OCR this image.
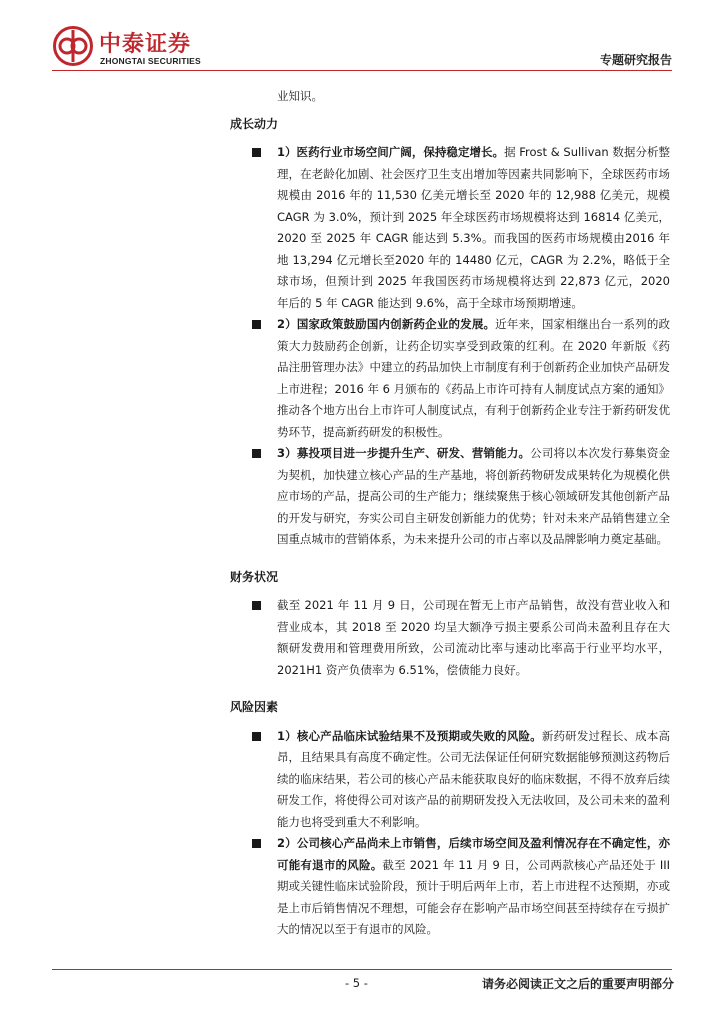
中泰证券
ZHONGTAI SECURITIES	专题研究报告

业知识。

成长动力
1）医药行业市场空间广阔，保持稳定增长。据 Frost & Sullivan 数据分析整理，在老龄化加剧、社会医疗卫生支出增加等因素共同影响下，全球医药市场规模由 2016 年的 11,530 亿美元增长至 2020 年的 12,988 亿美元，规模 CAGR 为 3.0%，预计到 2025 年全球医药市场规模将达到 16814 亿美元，2020 至 2025 年 CAGR 能达到 5.3%。而我国的医药市场规模由2016 年地 13,294 亿元增长至2020 年的 14480 亿元，CAGR 为 2.2%，略低于全球市场，但预计到 2025 年我国医药市场规模将达到 22,873 亿元，2020 年后的 5 年 CAGR 能达到 9.6%，高于全球市场预期增速。
2）国家政策鼓励国内创新药企业的发展。近年来，国家相继出台一系列的政策大力鼓励药企创新，让药企切实享受到政策的红利。在 2020 年新版《药品注册管理办法》中建立的药品加快上市制度有利于创新药企业加快产品研发上市进程；2016 年 6 月颁布的《药品上市许可持有人制度试点方案的通知》推动各个地方出台上市许可人制度试点，有利于创新药企业专注于新药研发优势环节，提高新药研发的积极性。
3）募投项目进一步提升生产、研发、营销能力。公司将以本次发行募集资金为契机，加快建立核心产品的生产基地，将创新药物研发成果转化为规模化供应市场的产品，提高公司的生产能力；继续聚焦于核心领域研发其他创新产品的开发与研究，夯实公司自主研发创新能力的优势；针对未来产品销售建立全国重点城市的营销体系，为未来提升公司的市占率以及品牌影响力奠定基础。
财务状况
截至 2021 年 11 月 9 日，公司现在暂无上市产品销售，故没有营业收入和营业成本，其 2018 至 2020 均呈大额净亏损主要系公司尚未盈利且存在大额研发费用和管理费用所致，公司流动比率与速动比率高于行业平均水平，2021H1 资产负债率为 6.51%，偿债能力良好。
风险因素
1）核心产品临床试验结果不及预期或失败的风险。新药研发过程长、成本高昂，且结果具有高度不确定性。公司无法保证任何研究数据能够预测这药物后续的临床结果，若公司的核心产品未能获取良好的临床数据，不得不放弃后续研发工作，将使得公司对该产品的前期研发投入无法收回，及公司未来的盈利能力也将受到重大不利影响。
2）公司核心产品尚未上市销售，后续市场空间及盈利情况存在不确定性，亦可能有退市的风险。截至 2021 年 11 月 9 日，公司两款核心产品还处于 III 期或关键性临床试验阶段，预计于明后两年上市，若上市进程不达预期，亦或是上市后销售情况不理想，可能会存在影响产品市场空间甚至持续存在亏损扩大的情况以至于有退市的风险。
- 5 -	请务必阅读正文之后的重要声明部分
